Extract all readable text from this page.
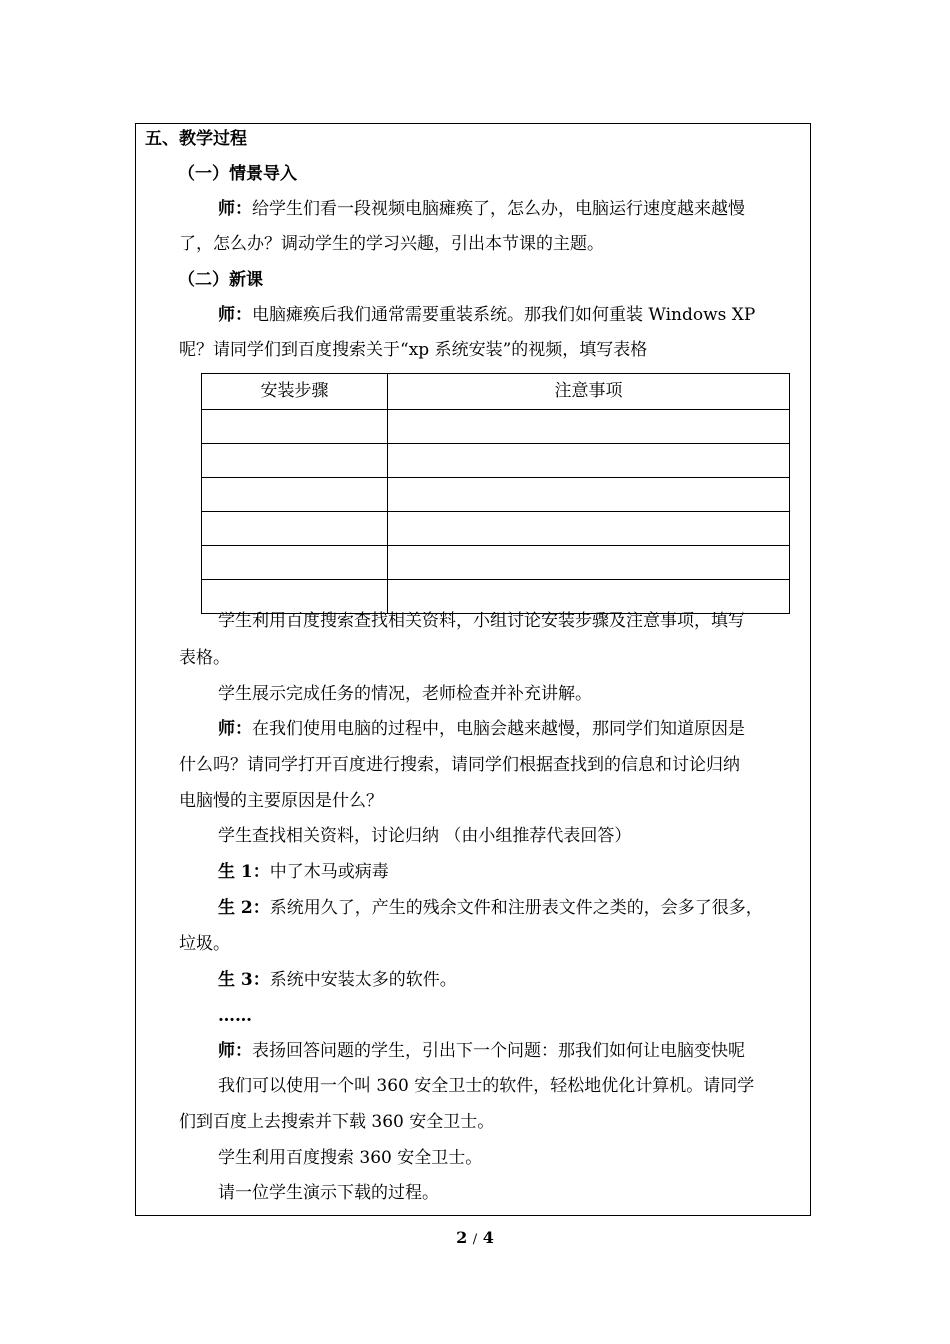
五、教学过程
（一）情景导入
师：给学生们看一段视频电脑瘫痪了，怎么办，电脑运行速度越来越慢
了，怎么办？调动学生的学习兴趣，引出本节课的主题。
（二）新课
师：电脑瘫痪后我们通常需要重装系统。那我们如何重装 Windows XP
呢？请同学们到百度搜索关于“xp 系统安装”的视频，填写表格
学生利用百度搜索查找相关资料，小组讨论安装步骤及注意事项，填写
表格。
学生展示完成任务的情况，老师检查并补充讲解。
师：在我们使用电脑的过程中，电脑会越来越慢，那同学们知道原因是
什么吗？请同学打开百度进行搜索，请同学们根据查找到的信息和讨论归纳
电脑慢的主要原因是什么？
学生查找相关资料，讨论归纳 （由小组推荐代表回答）
生 1：中了木马或病毒
生 2：系统用久了，产生的残余文件和注册表文件之类的，会多了很多，
垃圾。
生 3：系统中安装太多的软件。
……
师：表扬回答问题的学生，引出下一个问题：那我们如何让电脑变快呢
我们可以使用一个叫 360 安全卫士的软件，轻松地优化计算机。请同学
们到百度上去搜索并下载 360 安全卫士。
学生利用百度搜索 360 安全卫士。
请一位学生演示下载的过程。
安装步骤	注意事项

2 / 4
